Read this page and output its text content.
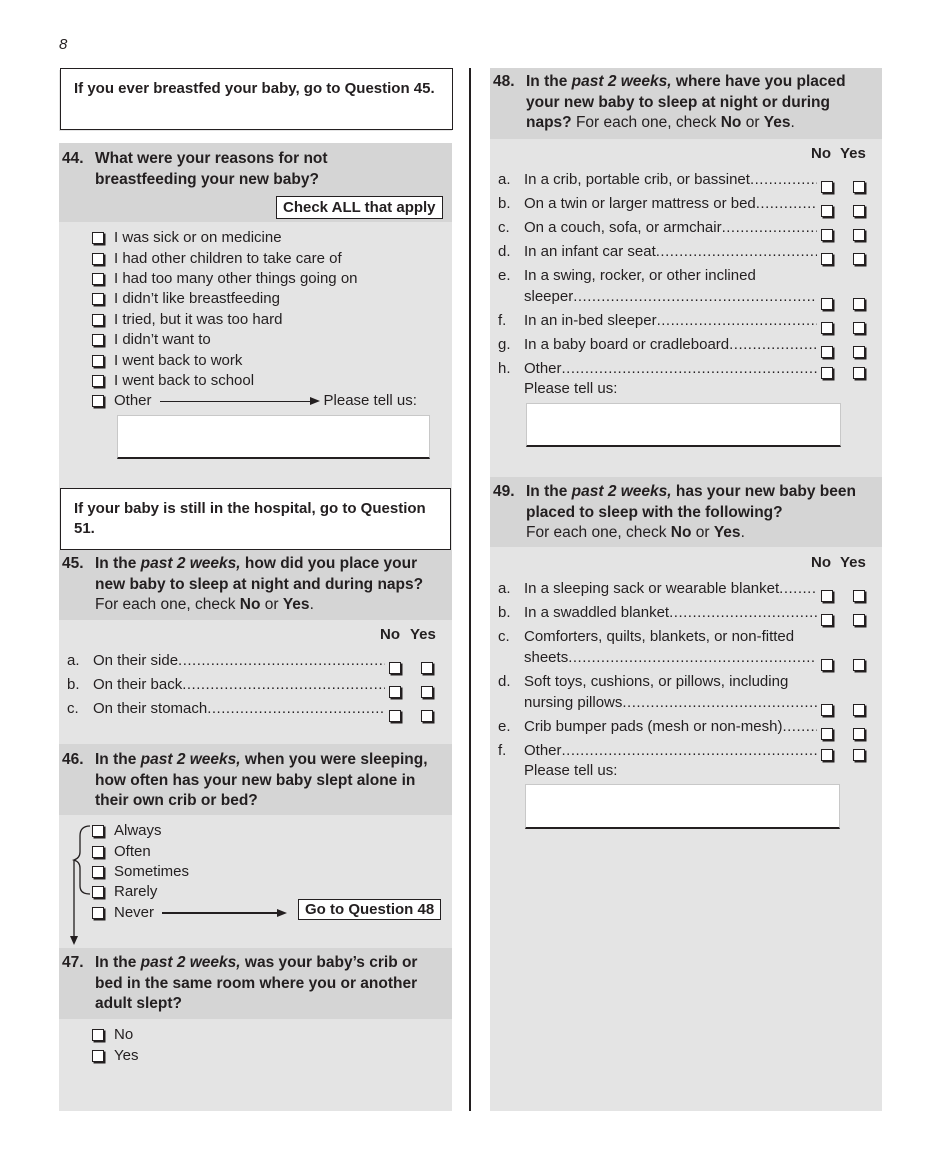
8
If you ever breastfed your baby, go to Question 45.
44. What were your reasons for not breastfeeding your new baby?
Check ALL that apply
I was sick or on medicine
I had other children to take care of
I had too many other things going on
I didn’t like breastfeeding
I tried, but it was too hard
I didn’t want to
I went back to work
I went back to school
Other	Please tell us:
If your baby is still in the hospital, go to Question 51.
45. In the past 2 weeks, how did you place your new baby to sleep at night and during naps?
For each one, check No or Yes.
No Yes
a. On their side
.....
b. On their back
.....
c. On their stomach
.....
46. In the past 2 weeks, when you were sleeping, how often has your new baby slept alone in their own crib or bed?
Always
Often
Sometimes
Rarely
Never	Go to Question 48
47. In the past 2 weeks, was your baby’s crib or bed in the same room where you or another adult slept?
No
Yes
48. In the past 2 weeks, where have you placed your new baby to sleep at night or during naps? For each one, check No or Yes.
No Yes
a. In a crib, portable crib, or bassinet
.....
b. On a twin or larger mattress or bed
.....
c. On a couch, sofa, or armchair
.....
d. In an infant car seat
.....
e. In a swing, rocker, or other inclined
sleeper
.....
f.	In an in-bed sleeper
.....
g. In a baby board or cradleboard
.....
h. Other
.....
Please tell us:
49. In the past 2 weeks, has your new baby been placed to sleep with the following?
For each one, check No or Yes.
No Yes
a. In a sleeping sack or wearable blanket
.....
b. In a swaddled blanket
.....
c. Comforters, quilts, blankets, or non-fitted
sheets
.....
d. Soft toys, cushions, or pillows, including
nursing pillows
.....
e. Crib bumper pads (mesh or non-mesh)
.....
f.	Other
.....
Please tell us:
